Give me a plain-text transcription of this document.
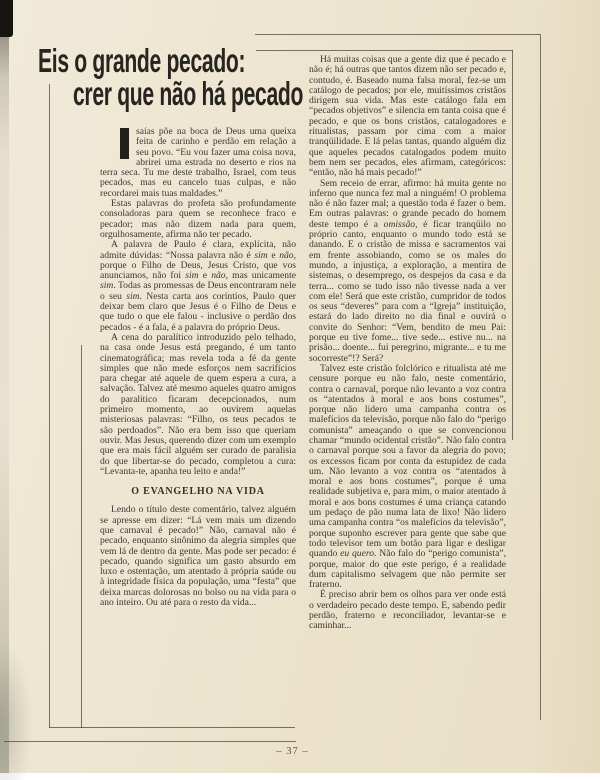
Eis o grande pecado:
crer que não há pecado

saías põe na boca de Deus uma queixa feita de carinho e perdão em relação a seu povo. “Eu vou fazer uma coisa nova, abrirei uma estrada no deserto e rios na terra seca. Tu me deste trabalho, Israel, com teus pecados, mas eu cancelo tuas culpas, e não recordarei mais tuas maldades.”

Estas palavras do profeta são profundamente consoladoras para quem se reconhece fraco e pecador; mas não dizem nada para quem, orgulhosamente, afirma não ter pecado.

A palavra de Paulo é clara, explícita, não admite dúvidas: “Nossa palavra não é sim e não, porque o Filho de Deus, Jesus Cristo, que vos anunciamos, não foi sim e não, mas unicamente sim. Todas as promessas de Deus encontraram nele o seu sim. Nesta carta aos coríntios, Paulo quer deixar bem claro que Jesus é o Filho de Deus e que tudo o que ele falou - inclusive o perdão dos pecados - é a fala, é a palavra do próprio Deus.

A cena do paralítico introduzido pelo telhado, na casa onde Jesus está pregando, é um tanto cinematográfica; mas revela toda a fé da gente simples que não mede esforços nem sacrifícios para chegar até aquele de quem espera a cura, a salvação. Talvez até mesmo aqueles quatro amigos do paralítico ficaram decepcionados, num primeiro momento, ao ouvirem aquelas misteriosas palavras: “Filho, os teus pecados te são perdoados”. Não era bem isso que queriam ouvir. Mas Jesus, querendo dizer com um exemplo que era mais fácil alguém ser curado de paralisia do que libertar-se do pecado, completou a cura: “Levanta-te, apanha teu leito e anda!”

O EVANGELHO NA VIDA

Lendo o título deste comentário, talvez alguém se apresse em dizer: “Lá vem mais um dizendo que carnaval é pecado!” Não, carnaval não é pecado, enquanto sinônimo da alegria simples que vem lá de dentro da gente. Mas pode ser pecado: é pecado, quando significa um gasto absurdo em luxo e ostentação, um atentado à própria saúde ou à integridade física da população, uma “festa” que deixa marcas dolorosas no bolso ou na vida para o ano inteiro. Ou até para o resto da vida...

Há muitas coisas que a gente diz que é pecado e não é; há outras que tantos dizem não ser pecado e, contudo, é. Baseado numa falsa moral, fez-se um catálogo de pecados; por ele, muitíssimos cristãos dirigem sua vida. Mas este catálogo fala em “pecados objetivos” e silencia em tanta coisa que é pecado, e que os bons cristãos, catalogadores e ritualistas, passam por cima com a maior tranqüilidade. E lá pelas tantas, quando alguém diz que aqueles pecados catalogados podem muito bem nem ser pecados, eles afirmam, categóricos: “então, não há mais pecado!”

Sem receio de errar, afirmo: há muita gente no inferno que nunca fez mal a ninguém! O problema não é não fazer mal; a questão toda é fazer o bem. Em outras palavras: o grande pecado do homem deste tempo é a omissão, é ficar tranqüilo no próprio canto, enquanto o mundo todo está se danando. E o cristão de missa e sacramentos vai em frente assobiando, como se os males do mundo, a injustiça, a exploração, a mentira de sistemas, o desemprego, os despejos da casa e da terra... como se tudo isso não tivesse nada a ver com ele! Será que este cristão, cumpridor de todos os seus “deveres” para com a “Igreja” instituição, estará do lado direito no dia final e ouvirá o convite do Senhor: “Vem, bendito de meu Pai: porque eu tive fome... tive sede... estive nu... na prisão... doente... fui peregrino, migrante... e tu me socorreste”!? Será?

Talvez este cristão folclórico e ritualista até me censure porque eu não falo, neste comentário, contra o carnaval, porque não levanto a voz contra os “atentados à moral e aos bons costumes”, porque não lidero uma campanha contra os malefícios da televisão, porque não falo do “perigo comunista” ameaçando o que se convencionou chamar “mundo ocidental cristão”. Não falo contra o carnaval porque sou a favor da alegria do povo; os excessos ficam por conta da estupidez de cada um. Não levanto a voz contra os “atentados à moral e aos bons costumes”, porque é uma realidade subjetiva e, para mim, o maior atentado à moral e aos bons costumes é uma criança catando um pedaço de pão numa lata de lixo! Não lidero uma campanha contra “os malefícios da televisão”, porque suponho escrever para gente que sabe que todo televisor tem um botão para ligar e desligar quando eu quero. Não falo do “perigo comunista”, porque, maior do que este perigo, é a realidade dum capitalismo selvagem que não permite ser fraterno.

É preciso abrir bem os olhos para ver onde está o verdadeiro pecado deste tempo. E, sabendo pedir perdão, fraterno e reconciliador, levantar-se e caminhar...

– 37 –
